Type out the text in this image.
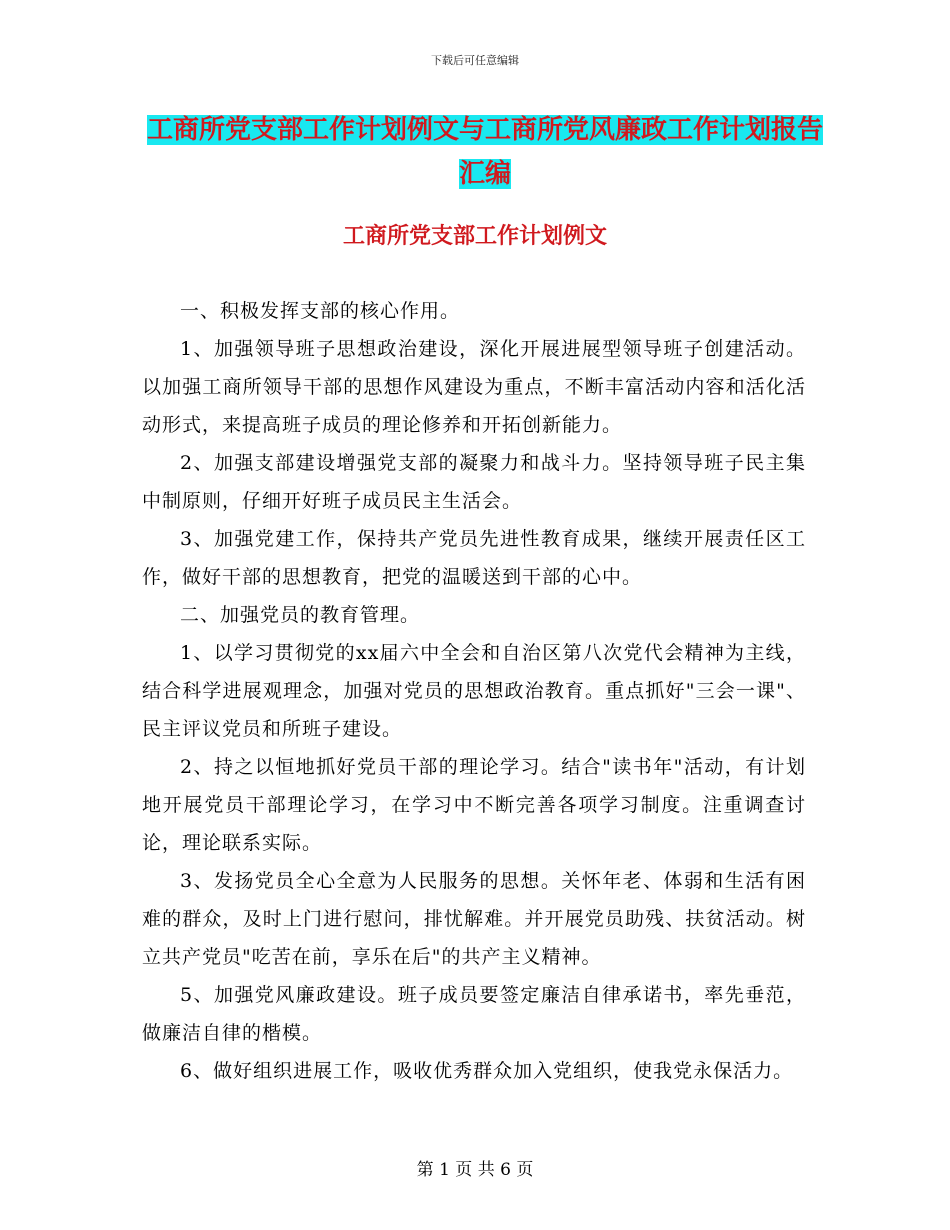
下载后可任意编辑
工商所党支部工作计划例文与工商所党风廉政工作计划报告汇编
工商所党支部工作计划例文

一、积极发挥支部的核心作用。

1、加强领导班子思想政治建设，深化开展进展型领导班子创建活动。以加强工商所领导干部的思想作风建设为重点，不断丰富活动内容和活化活动形式，来提高班子成员的理论修养和开拓创新能力。

2、加强支部建设增强党支部的凝聚力和战斗力。坚持领导班子民主集中制原则，仔细开好班子成员民主生活会。

3、加强党建工作，保持共产党员先进性教育成果，继续开展责任区工作，做好干部的思想教育，把党的温暖送到干部的心中。

二、加强党员的教育管理。

1、以学习贯彻党的xx届六中全会和自治区第八次党代会精神为主线，结合科学进展观理念，加强对党员的思想政治教育。重点抓好"三会一课"、民主评议党员和所班子建设。

2、持之以恒地抓好党员干部的理论学习。结合"读书年"活动，有计划地开展党员干部理论学习，在学习中不断完善各项学习制度。注重调查讨论，理论联系实际。

3、发扬党员全心全意为人民服务的思想。关怀年老、体弱和生活有困难的群众，及时上门进行慰问，排忧解难。并开展党员助残、扶贫活动。树立共产党员"吃苦在前，享乐在后"的共产主义精神。

5、加强党风廉政建设。班子成员要签定廉洁自律承诺书，率先垂范，做廉洁自律的楷模。

6、做好组织进展工作，吸收优秀群众加入党组织，使我党永保活力。

第 1 页 共 6 页
